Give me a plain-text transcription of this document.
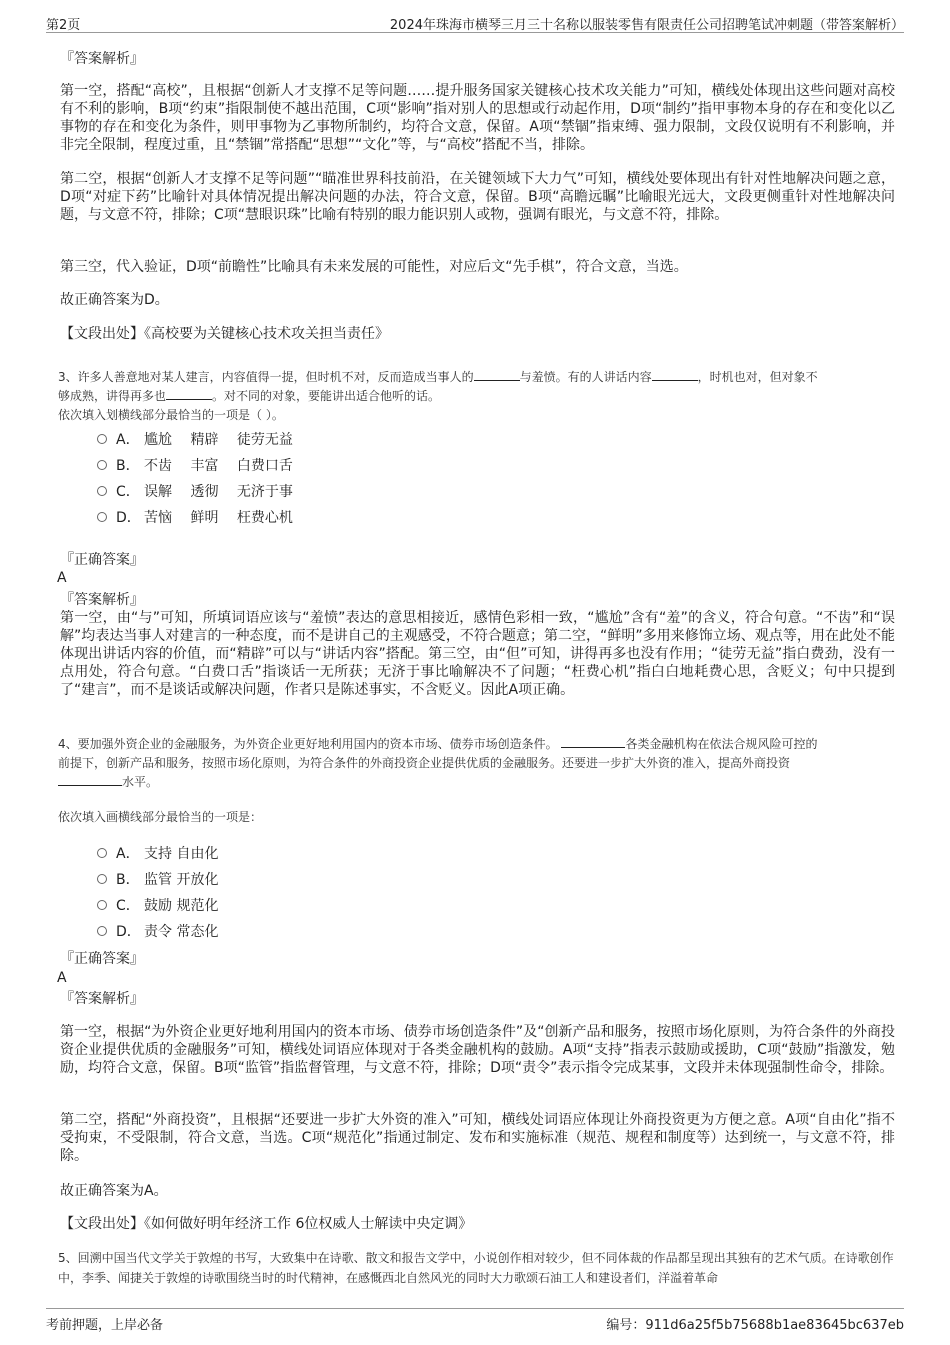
第2页	2024年珠海市横琴三月三十名称以服装零售有限责任公司招聘笔试冲刺题（带答案解析）
『答案解析』
第一空，搭配“高校”，且根据“创新人才支撑不足等问题……提升服务国家关键核心技术攻关能力”可知，横线处体现出这些问题对高校有不利的影响，B项“约束”指限制使不越出范围，C项“影响”指对别人的思想或行动起作用，D项“制约”指甲事物本身的存在和变化以乙事物的存在和变化为条件，则甲事物为乙事物所制约，均符合文意，保留。A项“禁锢”指束缚、强力限制，文段仅说明有不利影响，并非完全限制，程度过重，且“禁锢”常搭配“思想”“文化”等，与“高校”搭配不当，排除。
第二空，根据“创新人才支撑不足等问题”“瞄准世界科技前沿，在关键领域下大力气”可知，横线处要体现出有针对性地解决问题之意，D项“对症下药”比喻针对具体情况提出解决问题的办法，符合文意，保留。B项“高瞻远瞩”比喻眼光远大，文段更侧重针对性地解决问题，与文意不符，排除；C项“慧眼识珠”比喻有特别的眼力能识别人或物，强调有眼光，与文意不符，排除。
第三空，代入验证，D项“前瞻性”比喻具有未来发展的可能性，对应后文“先手棋”，符合文意，当选。
故正确答案为D。
【文段出处】《高校要为关键核心技术攻关担当责任》
3、许多人善意地对某人建言，内容值得一提，但时机不对，反而造成当事人的	与羞愤。有的人讲话内容	，时机也对，但对象不
够成熟，讲得再多也	。对不同的对象，要能讲出适合他听的话。
依次填入划横线部分最恰当的一项是（ ）。
A． 尴尬　 精辟　 徒劳无益
B． 不齿　 丰富　 白费口舌
C． 误解　 透彻　 无济于事
D． 苦恼　 鲜明　 枉费心机
『正确答案』
A
『答案解析』
第一空，由“与”可知，所填词语应该与“羞愤”表达的意思相接近，感情色彩相一致，“尴尬”含有“羞”的含义，符合句意。“不齿”和“误解”均表达当事人对建言的一种态度，而不是讲自己的主观感受，不符合题意；第二空，“鲜明”多用来修饰立场、观点等，用在此处不能体现出讲话内容的价值，而“精辟”可以与“讲话内容”搭配。第三空，由“但”可知，讲得再多也没有作用；“徒劳无益”指白费劲，没有一点用处，符合句意。“白费口舌”指谈话一无所获；无济于事比喻解决不了问题；“枉费心机”指白白地耗费心思，含贬义；句中只提到了“建言”，而不是谈话或解决问题，作者只是陈述事实，不含贬义。因此A项正确。
4、要加强外资企业的金融服务，为外资企业更好地利用国内的资本市场、债券市场创造条件。	各类金融机构在依法合规风险可控的
前提下，创新产品和服务，按照市场化原则，为符合条件的外商投资企业提供优质的金融服务。还要进一步扩大外资的准入，提高外商投资
水平。
依次填入画横线部分最恰当的一项是：
A． 支持 自由化
B． 监管 开放化
C． 鼓励 规范化
D． 责令 常态化
『正确答案』
A
『答案解析』
第一空，根据“为外资企业更好地利用国内的资本市场、债券市场创造条件”及“创新产品和服务，按照市场化原则，为符合条件的外商投资企业提供优质的金融服务”可知，横线处词语应体现对于各类金融机构的鼓励。A项“支持”指表示鼓励或援助，C项“鼓励”指激发，勉励，均符合文意，保留。B项“监管”指监督管理，与文意不符，排除；D项“责令”表示指令完成某事，文段并未体现强制性命令，排除。
第二空，搭配“外商投资”，且根据“还要进一步扩大外资的准入”可知，横线处词语应体现让外商投资更为方便之意。A项“自由化”指不受拘束，不受限制，符合文意，当选。C项“规范化”指通过制定、发布和实施标准（规范、规程和制度等）达到统一，与文意不符，排除。
故正确答案为A。
【文段出处】《如何做好明年经济工作 6位权威人士解读中央定调》
5、回溯中国当代文学关于敦煌的书写，大致集中在诗歌、散文和报告文学中，小说创作相对较少，但不同体裁的作品都呈现出其独有的艺术气质。在诗歌创作中，李季、闻捷关于敦煌的诗歌围绕当时的时代精神，在感慨西北自然风光的同时大力歌颂石油工人和建设者们，洋溢着革命
考前押题，上岸必备	编号：911d6a25f5b75688b1ae83645bc637eb
